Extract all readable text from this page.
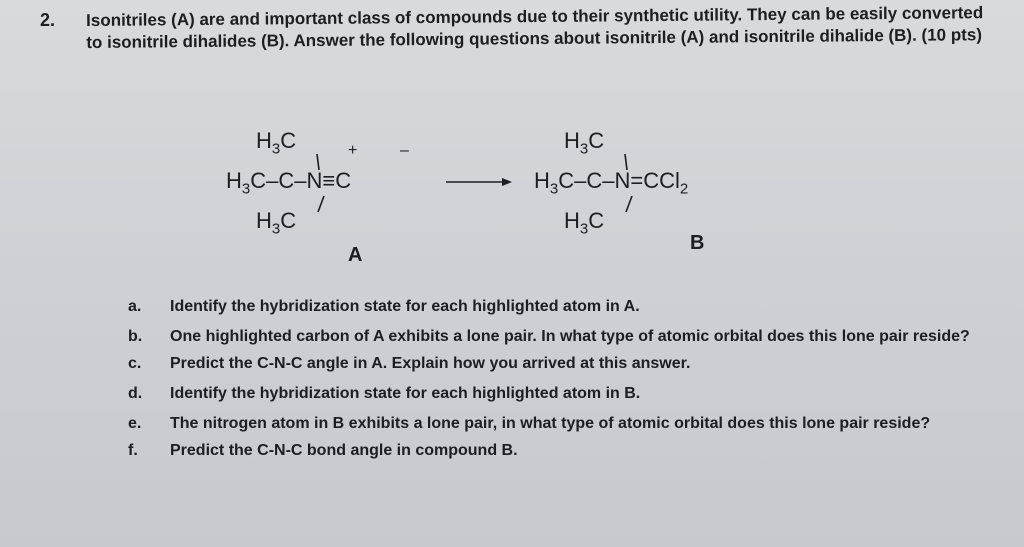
2. Isonitriles (A) are and important class of compounds due to their synthetic utility. They can be easily converted to isonitrile dihalides (B). Answer the following questions about isonitrile (A) and isonitrile dihalide (B). (10 pts)
$H_3C$	+	–
$H_3C-C-N\equiv C$
$H_3C$
A
$H_3C$
$H_3C-C-N=CCl_2$
$H_3C$
B
a.	Identify the hybridization state for each highlighted atom in A.
b.	One highlighted carbon of A exhibits a lone pair. In what type of atomic orbital does this lone pair reside?
c.	Predict the C-N-C angle in A. Explain how you arrived at this answer.
d.	Identify the hybridization state for each highlighted atom in B.
e.	The nitrogen atom in B exhibits a lone pair, in what type of atomic orbital does this lone pair reside?
f.	Predict the C-N-C bond angle in compound B.
